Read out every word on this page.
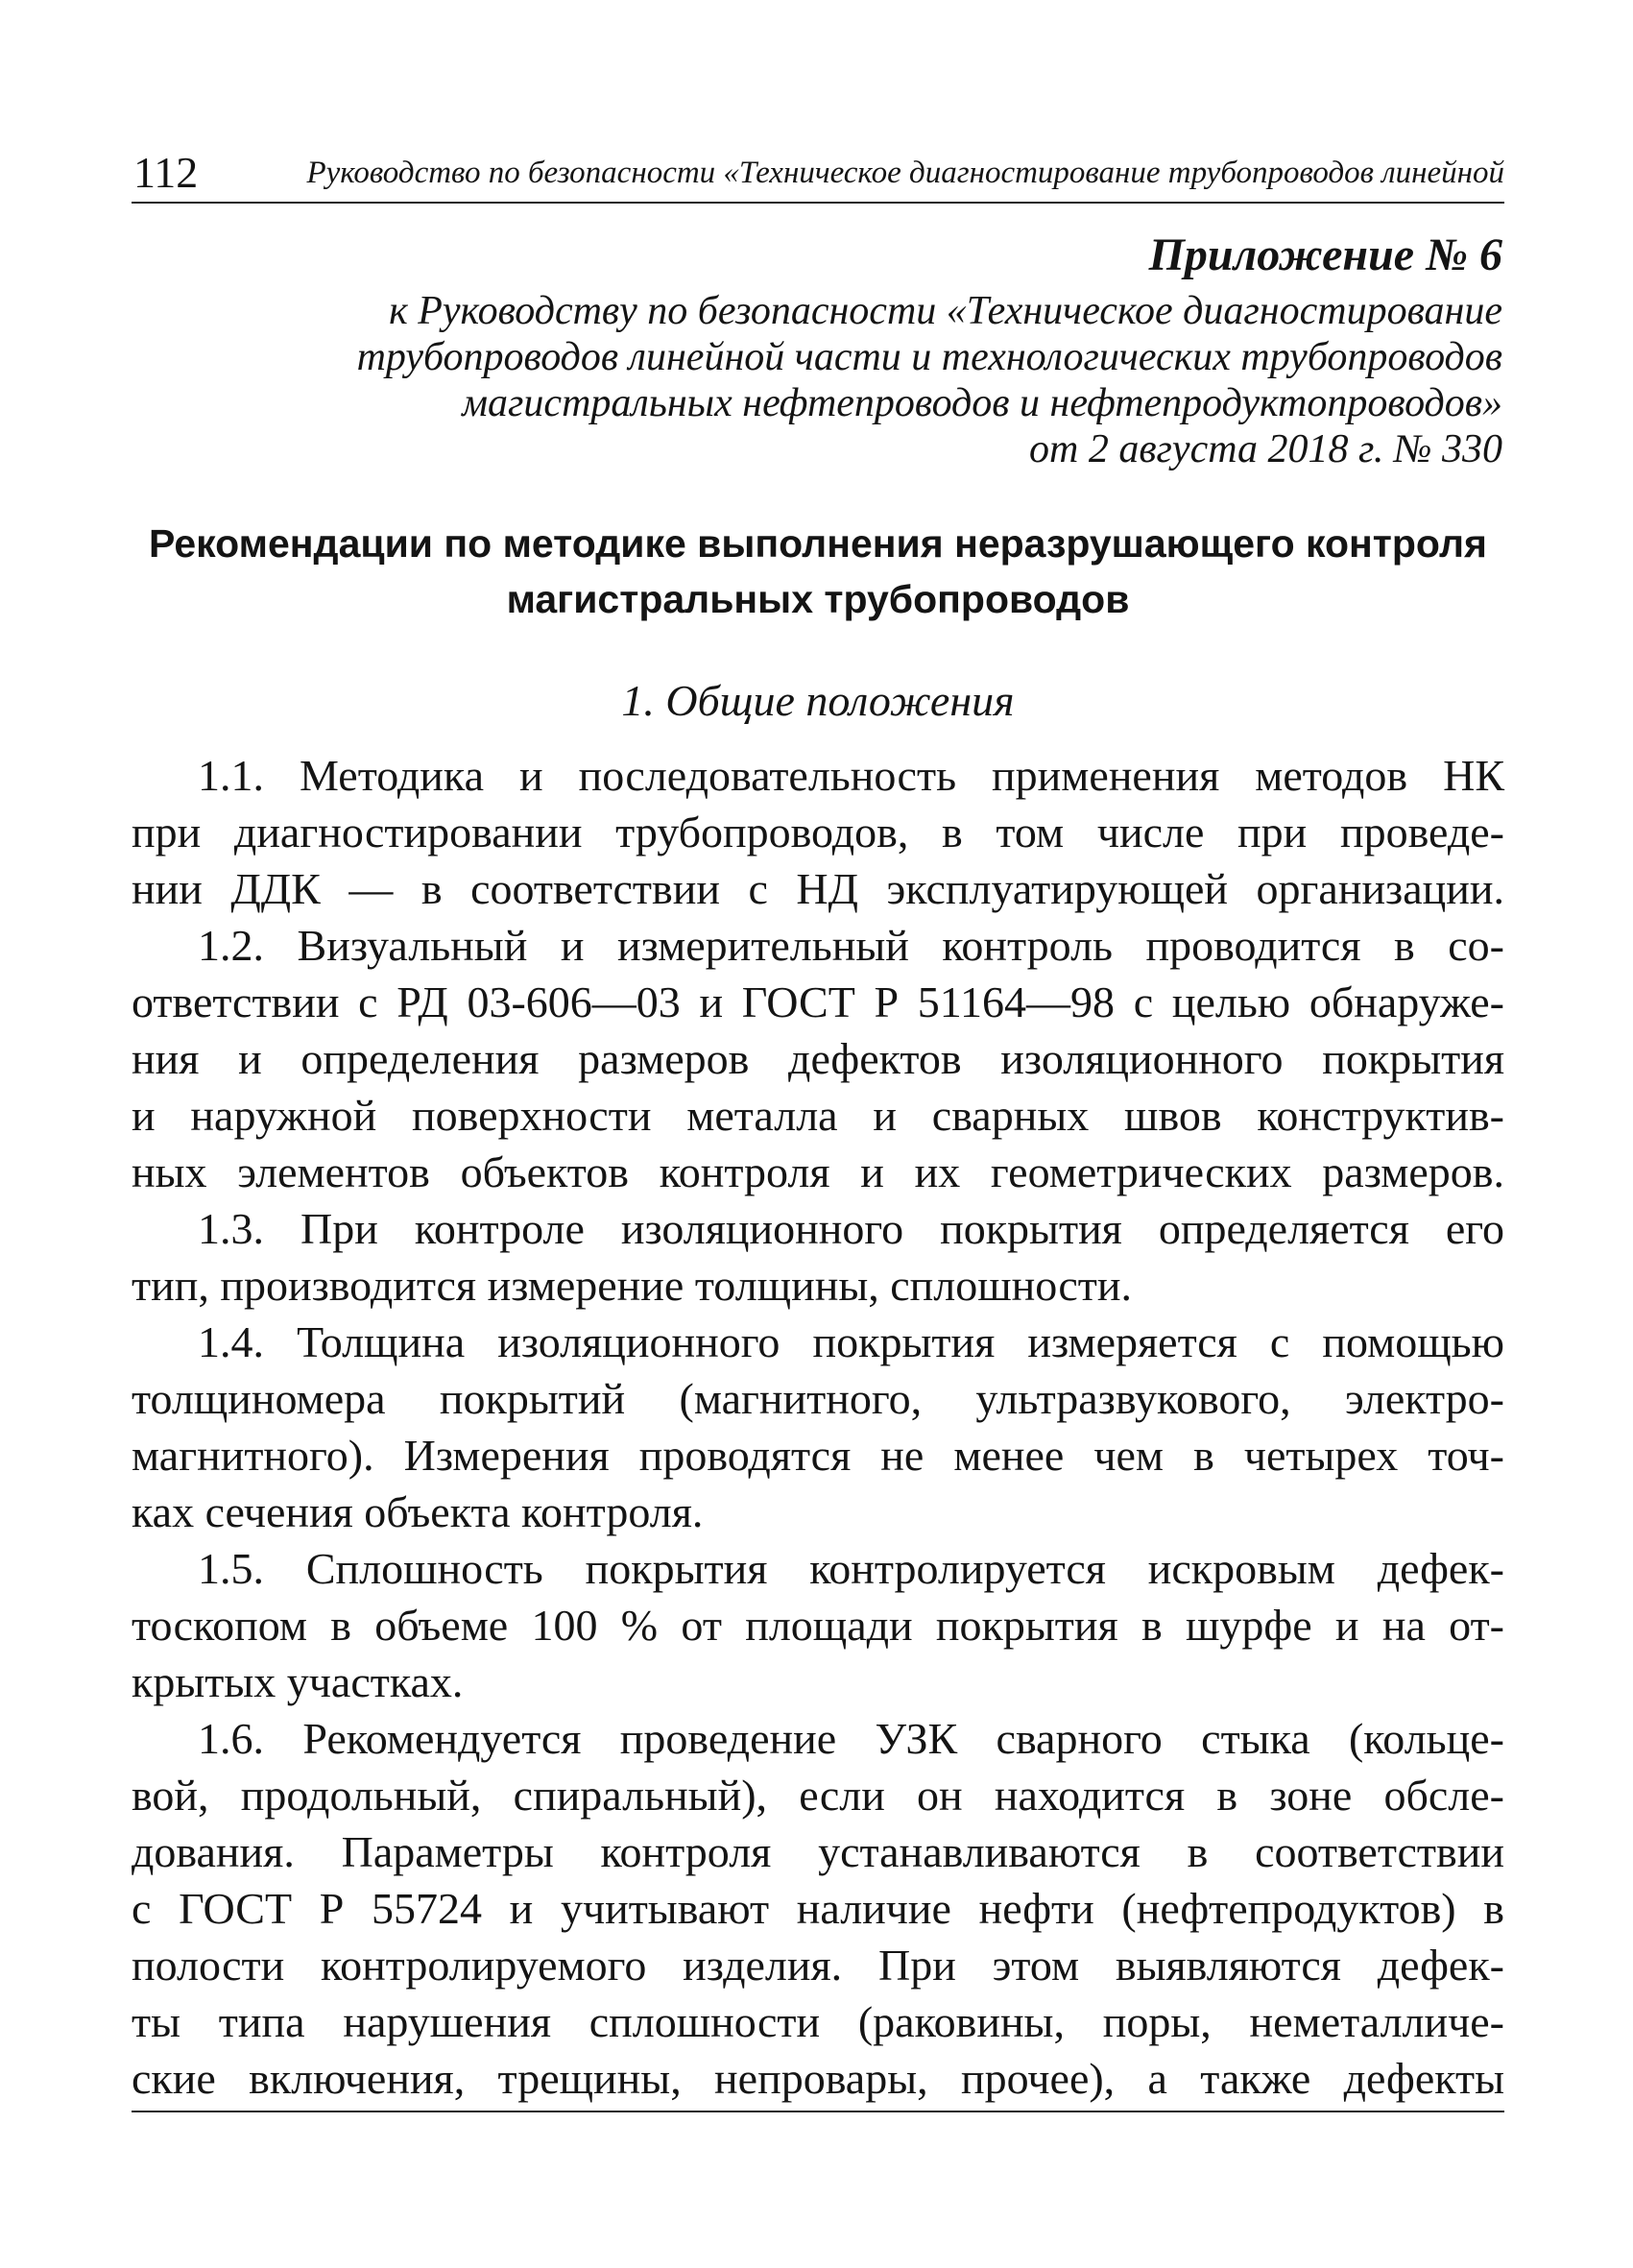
112	Руководство по безопасности «Техническое диагностирование трубопроводов линейной
Приложение № 6
к Руководству по безопасности «Техническое диагностирование
трубопроводов линейной части и технологических трубопроводов
магистральных нефтепроводов и нефтепродуктопроводов»
от 2 августа 2018 г. № 330
Рекомендации по методике выполнения неразрушающего контроля
магистральных трубопроводов
1. Общие положения
1.1. Методика и последовательность применения методов НК
при диагностировании трубопроводов, в том числе при проведе-
нии ДДК — в соответствии с НД эксплуатирующей организации.
1.2. Визуальный и измерительный контроль проводится в со-
ответствии с РД 03-606—03 и ГОСТ Р 51164—98 с целью обнаруже-
ния и определения размеров дефектов изоляционного покрытия
и наружной поверхности металла и сварных швов конструктив-
ных элементов объектов контроля и их геометрических размеров.
1.3. При контроле изоляционного покрытия определяется его
тип, производится измерение толщины, сплошности.
1.4. Толщина изоляционного покрытия измеряется с помощью
толщиномера покрытий (магнитного, ультразвукового, электро-
магнитного). Измерения проводятся не менее чем в четырех точ-
ках сечения объекта контроля.
1.5. Сплошность покрытия контролируется искровым дефек-
тоскопом в объеме 100 % от площади покрытия в шурфе и на от-
крытых участках.
1.6. Рекомендуется проведение УЗК сварного стыка (кольце-
вой, продольный, спиральный), если он находится в зоне обсле-
дования. Параметры контроля устанавливаются в соответствии
с ГОСТ Р 55724 и учитывают наличие нефти (нефтепродуктов) в
полости контролируемого изделия. При этом выявляются дефек-
ты типа нарушения сплошности (раковины, поры, неметалличе-
ские включения, трещины, непровары, прочее), а также дефекты
